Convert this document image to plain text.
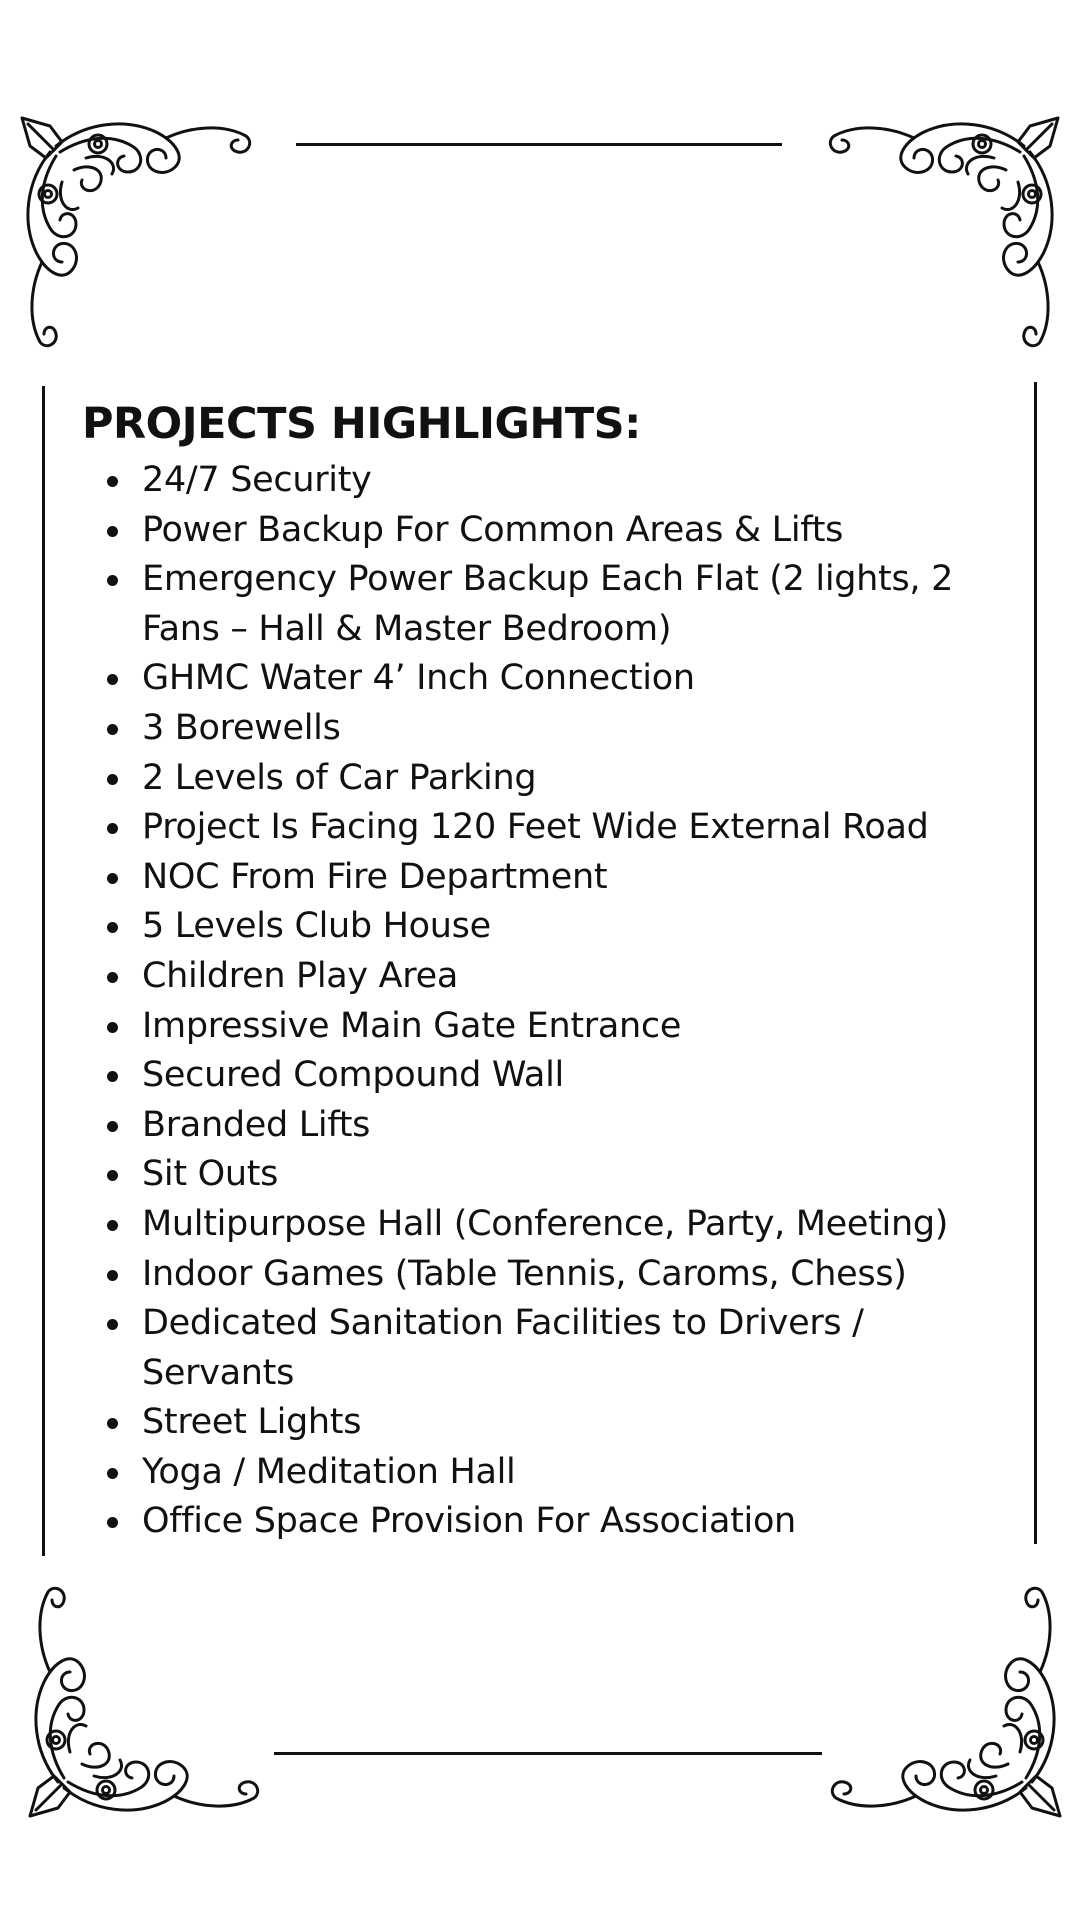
PROJECTS HIGHLIGHTS:
24/7 Security
Power Backup For Common Areas & Lifts
Emergency Power Backup Each Flat (2 lights, 2 Fans – Hall & Master Bedroom)
GHMC Water 4’ Inch Connection
3 Borewells
2 Levels of Car Parking
Project Is Facing 120 Feet Wide External Road
NOC From Fire Department
5 Levels Club House
Children Play Area
Impressive Main Gate Entrance
Secured Compound Wall
Branded Lifts
Sit Outs
Multipurpose Hall (Conference, Party, Meeting)
Indoor Games (Table Tennis, Caroms, Chess)
Dedicated Sanitation Facilities to Drivers / Servants
Street Lights
Yoga / Meditation Hall
Office Space Provision For Association
